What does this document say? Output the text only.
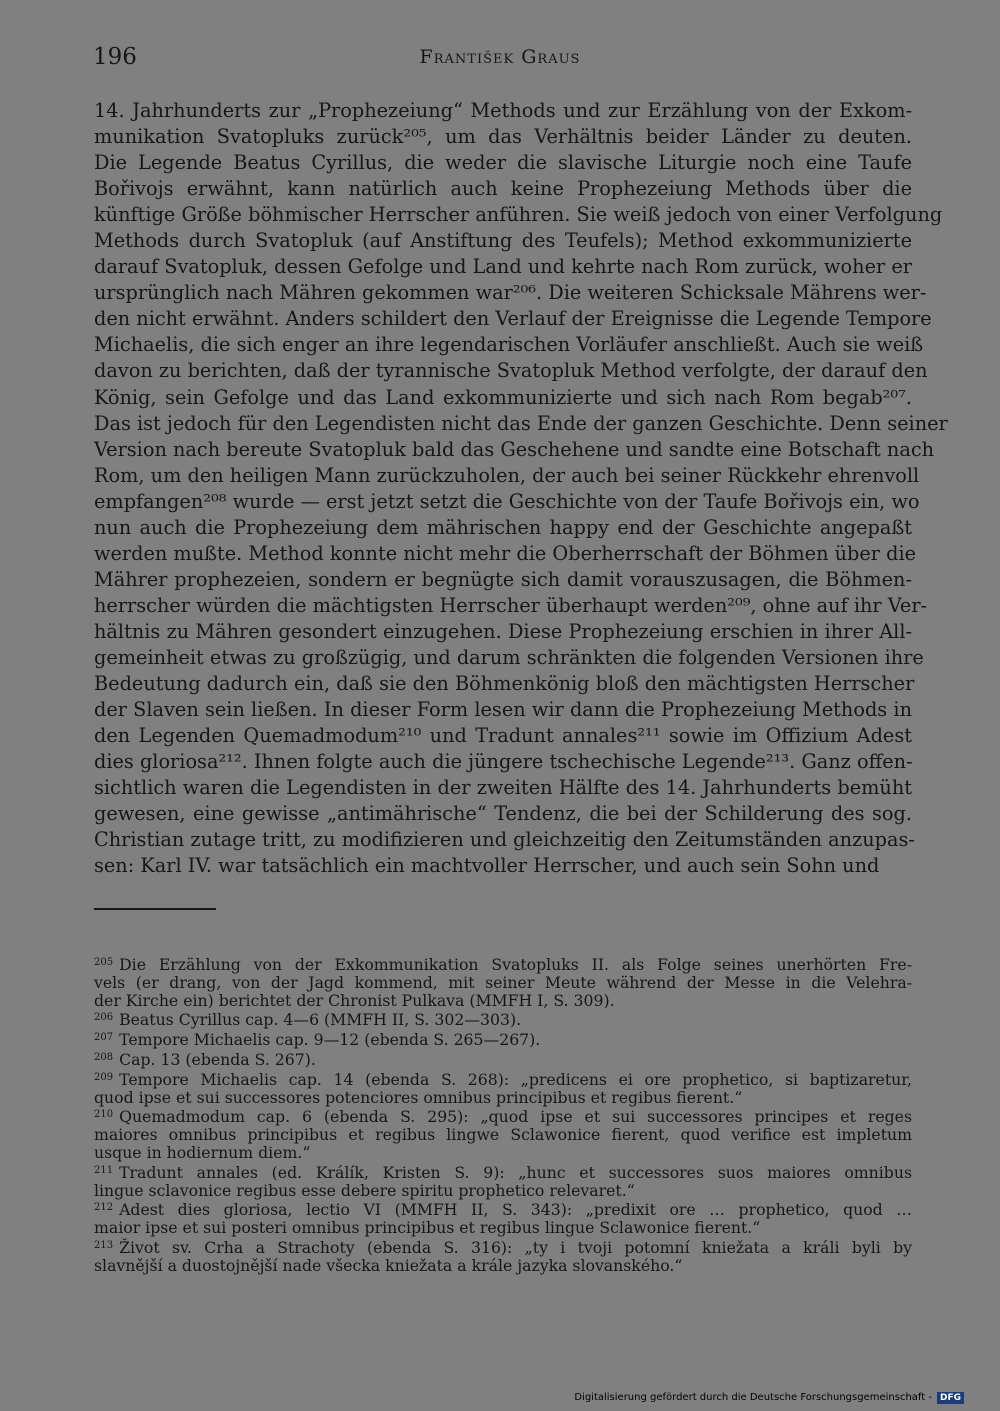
196	František Graus
14. Jahrhunderts zur „Prophezeiung“ Methods und zur Erzählung von der Exkom-
munikation Svatopluks zurück²⁰⁵, um das Verhältnis beider Länder zu deuten.
Die Legende Beatus Cyrillus, die weder die slavische Liturgie noch eine Taufe
Bořivojs erwähnt, kann natürlich auch keine Prophezeiung Methods über die
künftige Größe böhmischer Herrscher anführen. Sie weiß jedoch von einer Verfolgung
Methods durch Svatopluk (auf Anstiftung des Teufels); Method exkommunizierte
darauf Svatopluk, dessen Gefolge und Land und kehrte nach Rom zurück, woher er
ursprünglich nach Mähren gekommen war²⁰⁶. Die weiteren Schicksale Mährens wer-
den nicht erwähnt. Anders schildert den Verlauf der Ereignisse die Legende Tempore
Michaelis, die sich enger an ihre legendarischen Vorläufer anschließt. Auch sie weiß
davon zu berichten, daß der tyrannische Svatopluk Method verfolgte, der darauf den
König, sein Gefolge und das Land exkommunizierte und sich nach Rom begab²⁰⁷.
Das ist jedoch für den Legendisten nicht das Ende der ganzen Geschichte. Denn seiner
Version nach bereute Svatopluk bald das Geschehene und sandte eine Botschaft nach
Rom, um den heiligen Mann zurückzuholen, der auch bei seiner Rückkehr ehrenvoll
empfangen²⁰⁸ wurde — erst jetzt setzt die Geschichte von der Taufe Bořivojs ein, wo
nun auch die Prophezeiung dem mährischen happy end der Geschichte angepaßt
werden mußte. Method konnte nicht mehr die Oberherrschaft der Böhmen über die
Mährer prophezeien, sondern er begnügte sich damit vorauszusagen, die Böhmen-
herrscher würden die mächtigsten Herrscher überhaupt werden²⁰⁹, ohne auf ihr Ver-
hältnis zu Mähren gesondert einzugehen. Diese Prophezeiung erschien in ihrer All-
gemeinheit etwas zu großzügig, und darum schränkten die folgenden Versionen ihre
Bedeutung dadurch ein, daß sie den Böhmenkönig bloß den mächtigsten Herrscher
der Slaven sein ließen. In dieser Form lesen wir dann die Prophezeiung Methods in
den Legenden Quemadmodum²¹⁰ und Tradunt annales²¹¹ sowie im Offizium Adest
dies gloriosa²¹². Ihnen folgte auch die jüngere tschechische Legende²¹³. Ganz offen-
sichtlich waren die Legendisten in der zweiten Hälfte des 14. Jahrhunderts bemüht
gewesen, eine gewisse „antimährische“ Tendenz, die bei der Schilderung des sog.
Christian zutage tritt, zu modifizieren und gleichzeitig den Zeitumständen anzupas-
sen: Karl IV. war tatsächlich ein machtvoller Herrscher, und auch sein Sohn und
$^{205}$ Die Erzählung von der Exkommunikation Svatopluks II. als Folge seines unerhörten Fre-
vels (er drang, von der Jagd kommend, mit seiner Meute während der Messe in die Velehra-
der Kirche ein) berichtet der Chronist Pulkava (MMFH I, S. 309).
$^{206}$ Beatus Cyrillus cap. 4—6 (MMFH II, S. 302—303).
$^{207}$ Tempore Michaelis cap. 9—12 (ebenda S. 265—267).
$^{208}$ Cap. 13 (ebenda S. 267).
$^{209}$ Tempore Michaelis cap. 14 (ebenda S. 268): „predicens ei ore prophetico, si baptizaretur,
quod ipse et sui successores potenciores omnibus principibus et regibus fierent.“
$^{210}$ Quemadmodum cap. 6 (ebenda S. 295): „quod ipse et sui successores principes et reges
maiores omnibus principibus et regibus lingwe Sclawonice fierent, quod verifice est impletum
usque in hodiernum diem.“
$^{211}$ Tradunt annales (ed. Králík, Kristen S. 9): „hunc et successores suos maiores omnibus
lingue sclavonice regibus esse debere spiritu prophetico relevaret.“
$^{212}$ Adest dies gloriosa, lectio VI (MMFH II, S. 343): „predixit ore … prophetico, quod …
maior ipse et sui posteri omnibus principibus et regibus lingue Sclawonice fierent.“
$^{213}$ Život sv. Crha a Strachoty (ebenda S. 316): „ty i tvoji potomní kniežata a králi byli by
slavnější a duostojnější nade všecka kniežata a krále jazyka slovanského.“
Digitalisierung gefördert durch die Deutsche Forschungsgemeinschaft - DFG
